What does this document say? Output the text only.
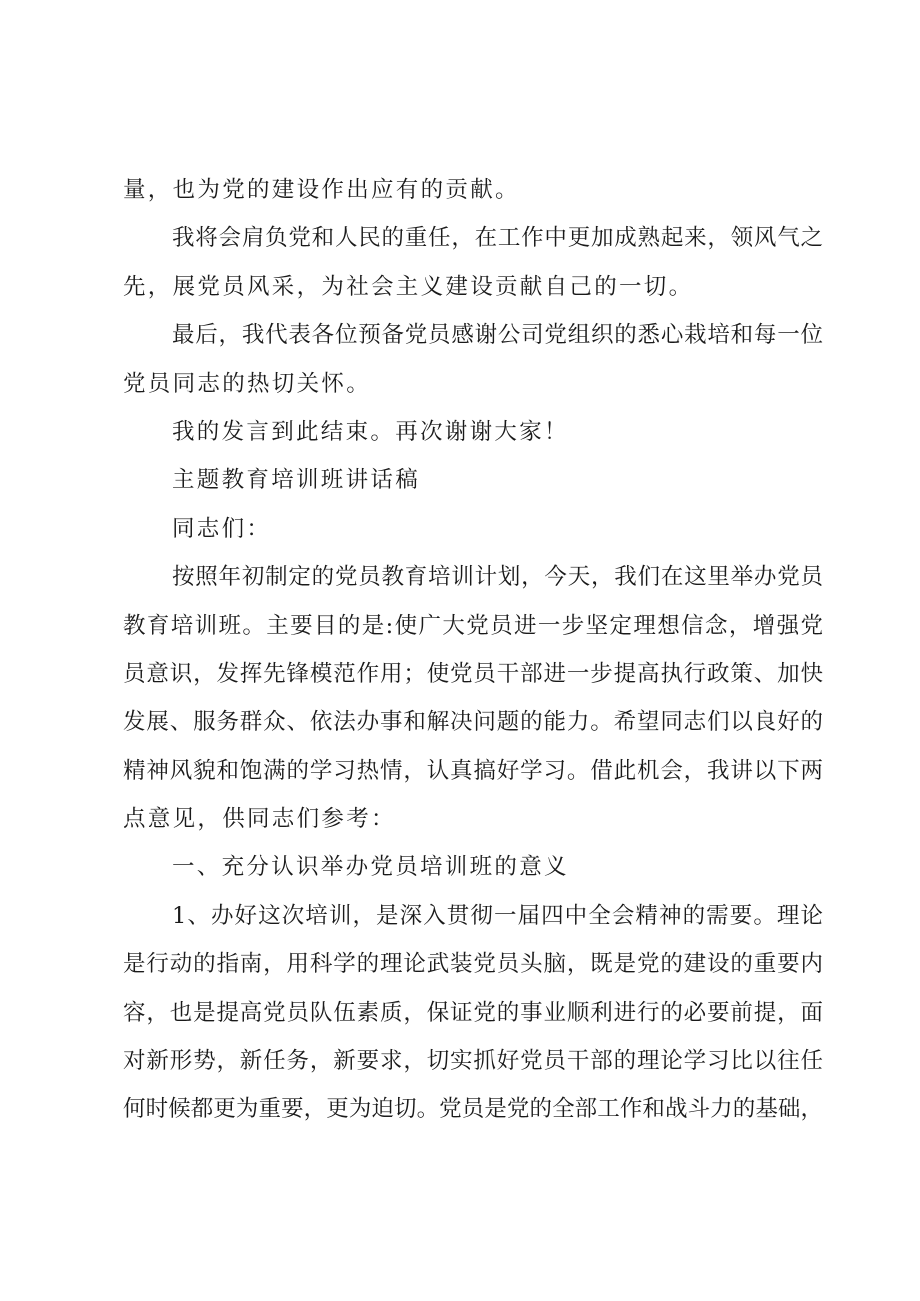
量，也为党的建设作出应有的贡献。
我将会肩负党和人民的重任，在工作中更加成熟起来，领风气之
先，展党员风采，为社会主义建设贡献自己的一切。
最后，我代表各位预备党员感谢公司党组织的悉心栽培和每一位
党员同志的热切关怀。
我的发言到此结束。再次谢谢大家！
主题教育培训班讲话稿
同志们：
按照年初制定的党员教育培训计划，今天，我们在这里举办党员
教育培训班。主要目的是:使广大党员进一步坚定理想信念，增强党
员意识，发挥先锋模范作用；使党员干部进一步提高执行政策、加快
发展、服务群众、依法办事和解决问题的能力。希望同志们以良好的
精神风貌和饱满的学习热情，认真搞好学习。借此机会，我讲以下两
点意见，供同志们参考：
一、充分认识举办党员培训班的意义
1、办好这次培训，是深入贯彻一届四中全会精神的需要。理论
是行动的指南，用科学的理论武装党员头脑，既是党的建设的重要内
容，也是提高党员队伍素质，保证党的事业顺利进行的必要前提，面
对新形势，新任务，新要求，切实抓好党员干部的理论学习比以往任
何时候都更为重要，更为迫切。党员是党的全部工作和战斗力的基础，
